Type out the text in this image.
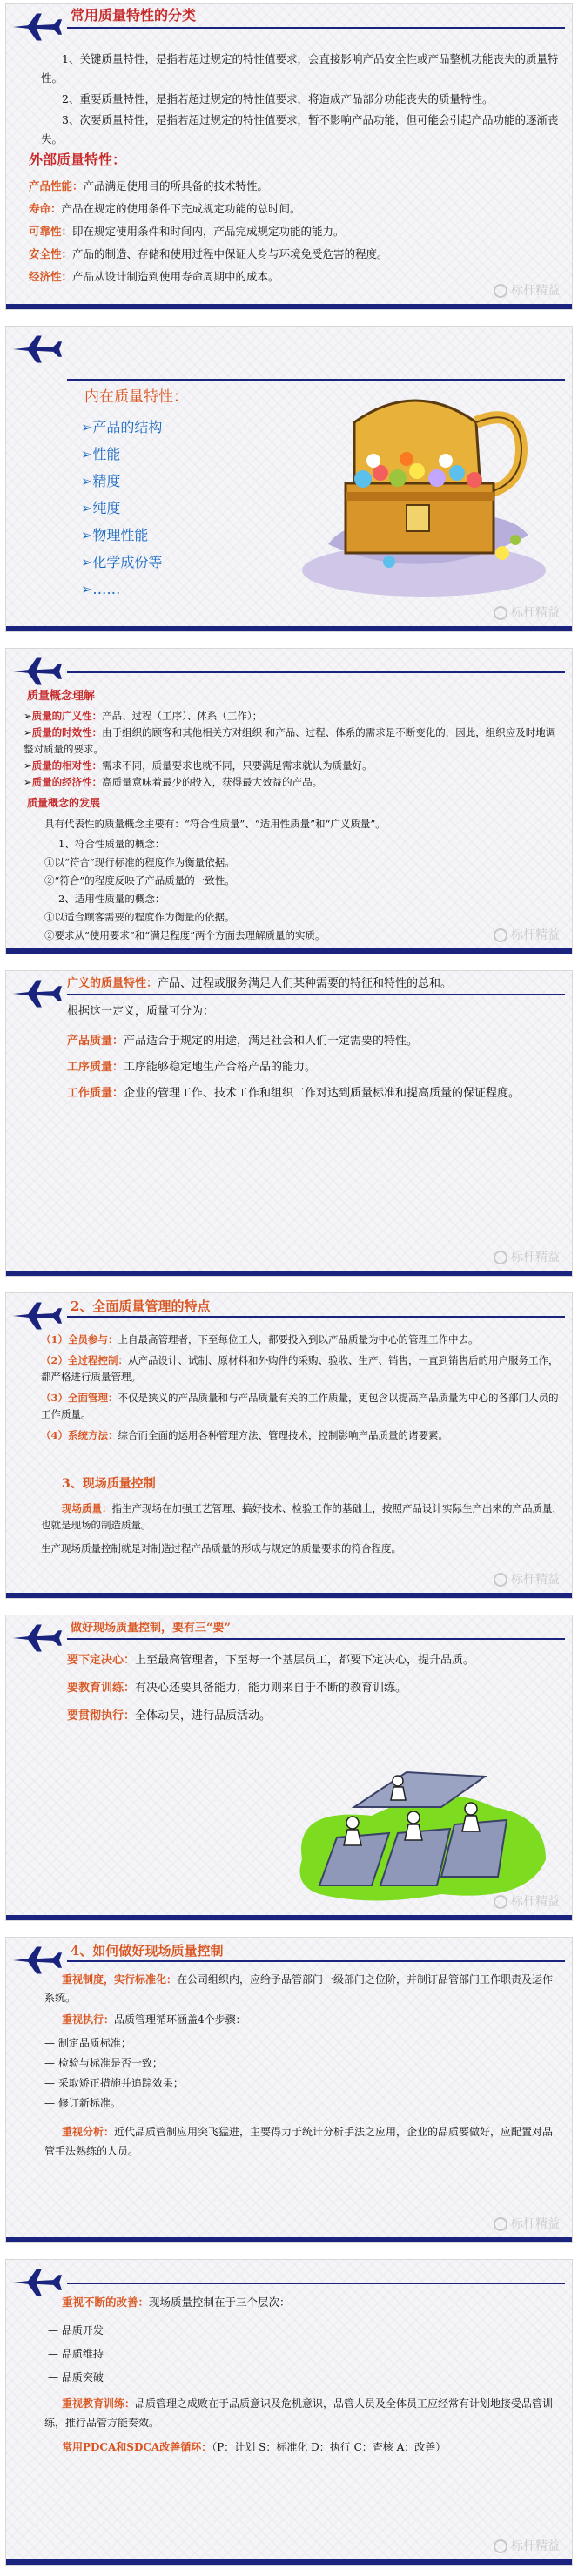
常用质量特性的分类

1、关键质量特性，是指若超过规定的特性值要求，会直接影响产品安全性或产品整机功能丧失的质量特性。

2、重要质量特性，是指若超过规定的特性值要求，将造成产品部分功能丧失的质量特性。

3、次要质量特性，是指若超过规定的特性值要求，暂不影响产品功能，但可能会引起产品功能的逐渐丧失。

外部质量特性：

产品性能：产品满足使用目的所具备的技术特性。
寿命：产品在规定的使用条件下完成规定功能的总时间。
可靠性：即在规定使用条件和时间内，产品完成规定功能的能力。
安全性：产品的制造、存储和使用过程中保证人身与环境免受危害的程度。
经济性：产品从设计制造到使用寿命周期中的成本。
标杆精益

内在质量特性：

➢产品的结构
➢性能
➢精度
➢纯度
➢物理性能
➢化学成份等
➢……
标杆精益

质量概念理解

➢质量的广义性：产品、过程（工序）、体系（工作）；
➢质量的时效性：由于组织的顾客和其他相关方对组织 和产品、过程、体系的需求是不断变化的，因此，组织应及时地调整对质量的要求。
➢质量的相对性：需求不同，质量要求也就不同，只要满足需求就认为质量好。
➢质量的经济性：高质量意味着最少的投入，获得最大效益的产品。

质量概念的发展

具有代表性的质量概念主要有：“符合性质量”、“适用性质量”和“广义质量”。

1、符合性质量的概念：
①以“符合”现行标准的程度作为衡量依据。
②“符合”的程度反映了产品质量的一致性。
2、适用性质量的概念：
①以适合顾客需要的程度作为衡量的依据。
②要求从“使用要求”和“满足程度”两个方面去理解质量的实质。	标杆精益

广义的质量特性：产品、过程或服务满足人们某种需要的特征和特性的总和。

根据这一定义，质量可分为：

产品质量：产品适合于规定的用途，满足社会和人们一定需要的特性。
工序质量：工序能够稳定地生产合格产品的能力。
工作质量：企业的管理工作、技术工作和组织工作对达到质量标准和提高质量的保证程度。
标杆精益

2、全面质量管理的特点

（1）全员参与：上自最高管理者，下至每位工人，都要投入到以产品质量为中心的管理工作中去。
（2）全过程控制：从产品设计、试制、原材料和外购件的采购、验收、生产、销售，一直到销售后的用户服务工作，都严格进行质量管理。
（3）全面管理：不仅是狭义的产品质量和与产品质量有关的工作质量，更包含以提高产品质量为中心的各部门人员的工作质量。
（4）系统方法：综合而全面的运用各种管理方法、管理技术，控制影响产品质量的诸要素。

3、现场质量控制

现场质量：指生产现场在加强工艺管理、搞好技术、检验工作的基础上，按照产品设计实际生产出来的产品质量，也就是现场的制造质量。

生产现场质量控制就是对制造过程产品质量的形成与规定的质量要求的符合程度。

标杆精益

做好现场质量控制，要有三“要”

要下定决心：上至最高管理者，下至每一个基层员工，都要下定决心，提升品质。
要教育训练：有决心还要具备能力，能力则来自于不断的教育训练。
要贯彻执行：全体动员，进行品质活动。
标杆精益

4、如何做好现场质量控制

重视制度，实行标准化：在公司组织内，应给予品管部门一级部门之位阶，并制订品管部门工作职责及运作系统。

重视执行：品质管理循环涵盖4个步骤：

— 制定品质标准；
— 检验与标准是否一致；
— 采取矫正措施并追踪效果；
— 修订新标准。

重视分析：近代品质管制应用突飞猛进，主要得力于统计分析手法之应用，企业的品质要做好，应配置对品管手法熟练的人员。

标杆精益

重视不断的改善：现场质量控制在于三个层次：

— 品质开发
— 品质维持
— 品质突破

重视教育训练：品质管理之成败在于品质意识及危机意识，品管人员及全体员工应经常有计划地接受品管训练，推行品管方能奏效。

常用PDCA和SDCA改善循环：（P：计划 S：标准化 D：执行 C：查核 A：改善）

标杆精益
